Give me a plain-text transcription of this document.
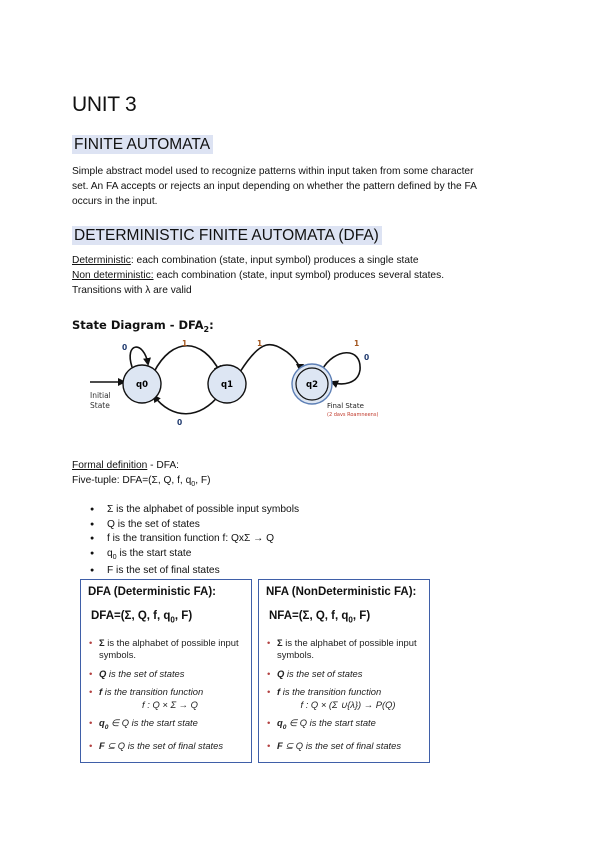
UNIT 3
FINITE AUTOMATA
Simple abstract model used to recognize patterns within input taken from some character
set. An FA accepts or rejects an input depending on whether the pattern defined by the FA
occurs in the input.
DETERMINISTIC FINITE AUTOMATA (DFA)
Deterministic: each combination (state, input symbol) produces a single state
Non deterministic: each combination (state, input symbol) produces several states.
Transitions with λ are valid
State Diagram - $DFA_2$:
Initial
State
0	1
0
1	1
0
q0	q1	q2
Final State
(2 davs Roamneens)
Formal definition - DFA:
Five-tuple: DFA=(Σ, Q, f, $q_0$, F)
● Σ is the alphabet of possible input symbols
● Q is the set of states
● f is the transition function f: QxΣ → Q
● $q_0$ is the start state
● F is the set of final states
DFA (Deterministic FA):
DFA=(Σ, Q, f, $q_0$, F)
• Σ is the alphabet of possible input symbols.
• Q is the set of states
• f is the transition function
f : Q × Σ → Q
• $q_0$ ∈ Q is the start state
• F ⊆ Q is the set of final states
NFA (NonDeterministic FA):
NFA=(Σ, Q, f, $q_0$, F)
• Σ is the alphabet of possible input symbols.
• Q is the set of states
• f is the transition function
f : Q × (Σ ∪{λ}) → P(Q)
• $q_0$ ∈ Q is the start state
• F ⊆ Q is the set of final states
